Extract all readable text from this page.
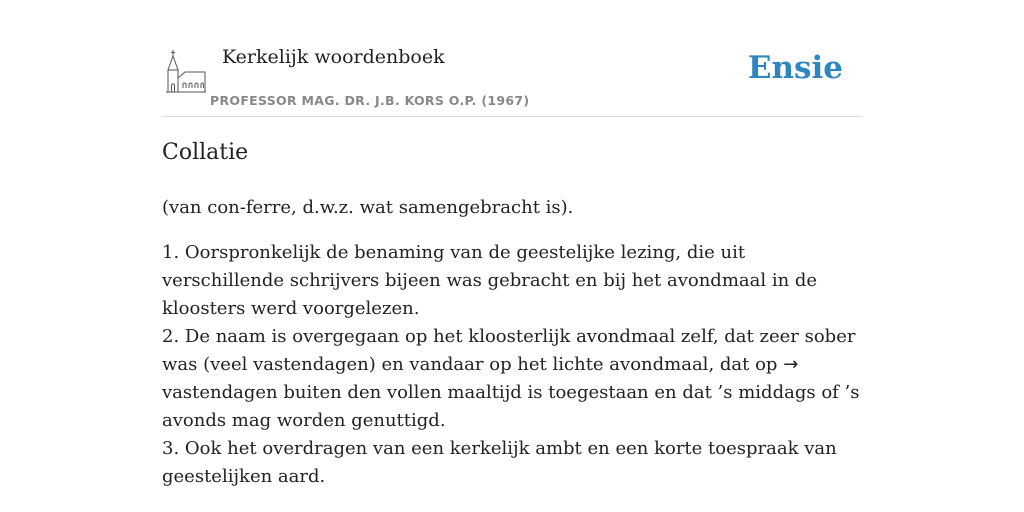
Kerkelijk woordenboek
PROFESSOR MAG. DR. J.B. KORS O.P. (1967)
Ensie
Collatie

(van con-ferre, d.w.z. wat samengebracht is).

1. Oorspronkelijk de benaming van de geestelijke lezing, die uit verschillende schrijvers bijeen was gebracht en bij het avondmaal in de kloosters werd voorgelezen.
2. De naam is overgegaan op het kloosterlijk avondmaal zelf, dat zeer sober was (veel vastendagen) en vandaar op het lichte avondmaal, dat op → vastendagen buiten den vollen maaltijd is toegestaan en dat ’s middags of ’s avonds mag worden genuttigd.
3. Ook het overdragen van een kerkelijk ambt en een korte toespraak van geestelijken aard.
